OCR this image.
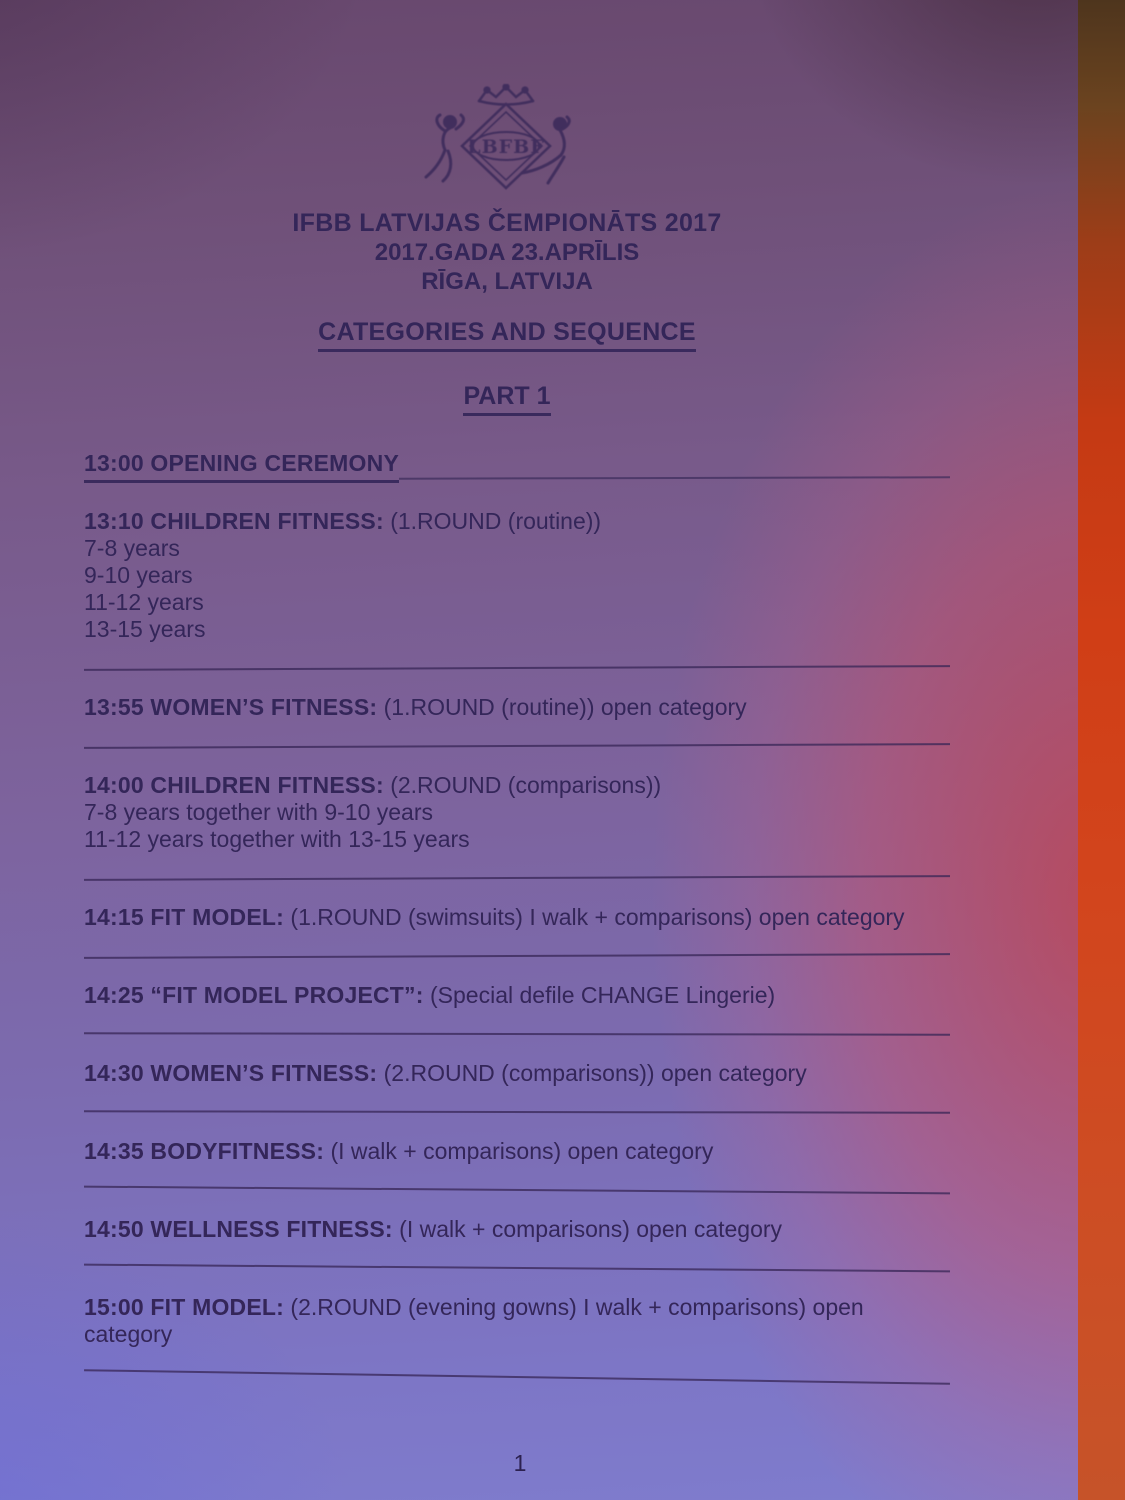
LBFBF
IFBB LATVIJAS ČEMPIONĀTS 2017

2017.GADA 23.APRĪLIS

RĪGA, LATVIJA

CATEGORIES AND SEQUENCE
PART 1

13:00 OPENING CEREMONY

13:10 CHILDREN FITNESS: (1.ROUND (routine))

7-8 years

9-10 years

11-12 years

13-15 years

13:55 WOMEN’S FITNESS: (1.ROUND (routine)) open category

14:00 CHILDREN FITNESS: (2.ROUND (comparisons))

7-8 years together with 9-10 years

11-12 years together with 13-15 years

14:15 FIT MODEL: (1.ROUND (swimsuits) I walk + comparisons) open category

14:25 “FIT MODEL PROJECT”: (Special defile CHANGE Lingerie)

14:30 WOMEN’S FITNESS: (2.ROUND (comparisons)) open category

14:35 BODYFITNESS: (I walk + comparisons) open category

14:50 WELLNESS FITNESS: (I walk + comparisons) open category

15:00 FIT MODEL: (2.ROUND (evening gowns) I walk + comparisons) open category

1
